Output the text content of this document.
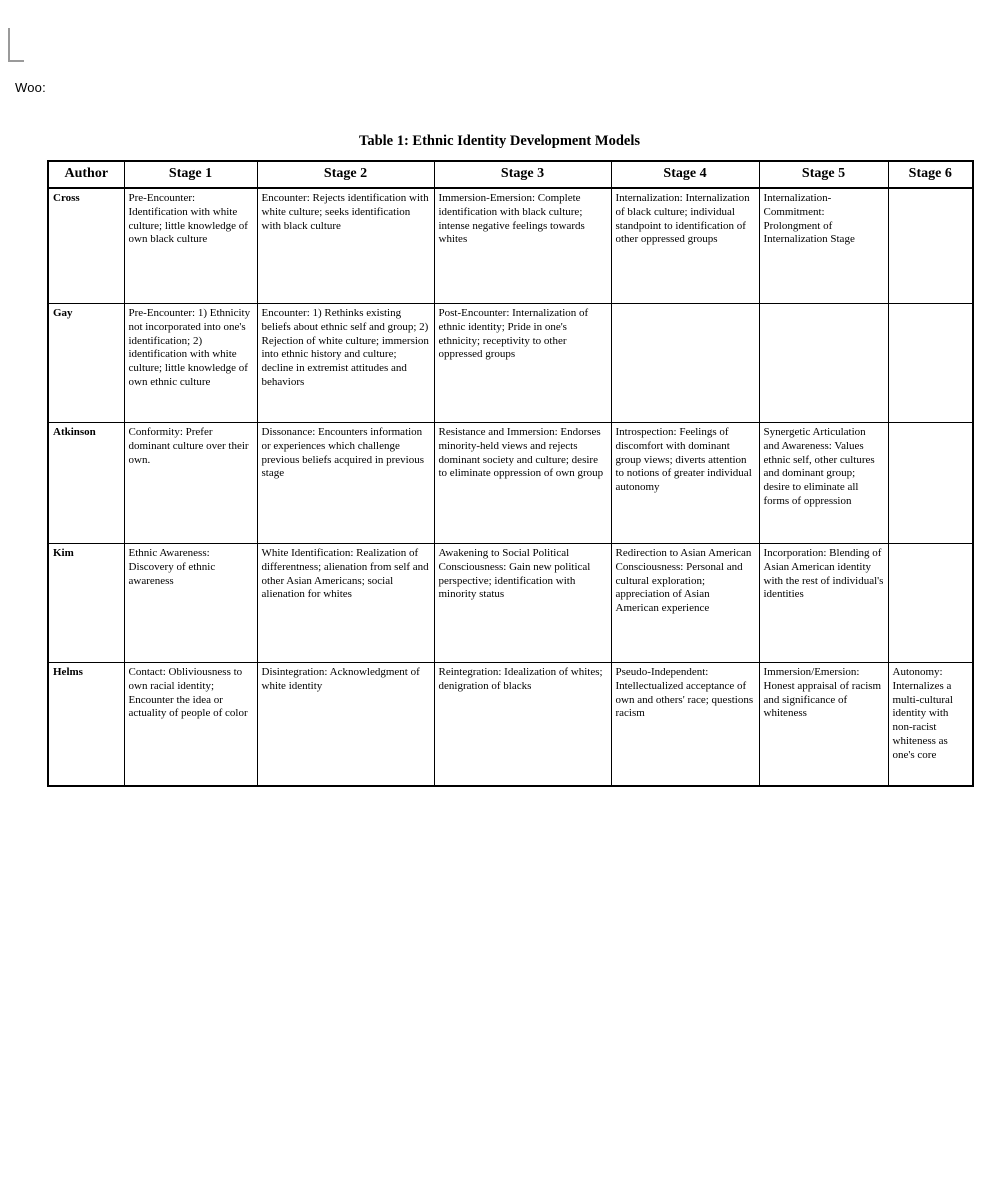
Woo:
Table 1: Ethnic Identity Development Models
Author	Stage 1	Stage 2	Stage 3	Stage 4	Stage 5	Stage 6
Cross	Pre-Encounter: Identification with white culture; little knowledge of own black culture	Encounter: Rejects identification with white culture; seeks identification with black culture	Immersion-Emersion: Complete identification with black culture; intense negative feelings towards whites	Internalization: Internalization of black culture; individual standpoint to identification of other oppressed groups	Internalization-Commitment: Prolongment of Internalization Stage	
Gay	Pre-Encounter: 1) Ethnicity not incorporated into one's identification; 2) identification with white culture; little knowledge of own ethnic culture	Encounter: 1) Rethinks existing beliefs about ethnic self and group; 2) Rejection of white culture; immersion into ethnic history and culture; decline in extremist attitudes and behaviors	Post-Encounter: Internalization of ethnic identity; Pride in one's ethnicity; receptivity to other oppressed groups			
Atkinson	Conformity: Prefer dominant culture over their own.	Dissonance: Encounters information or experiences which challenge previous beliefs acquired in previous stage	Resistance and Immersion: Endorses minority-held views and rejects dominant society and culture; desire to eliminate oppression of own group	Introspection: Feelings of discomfort with dominant group views; diverts attention to notions of greater individual autonomy	Synergetic Articulation and Awareness: Values ethnic self, other cultures and dominant group; desire to eliminate all forms of oppression	
Kim	Ethnic Awareness: Discovery of ethnic awareness	White Identification: Realization of differentness; alienation from self and other Asian Americans; social alienation for whites	Awakening to Social Political Consciousness: Gain new political perspective; identification with minority status	Redirection to Asian American Consciousness: Personal and cultural exploration; appreciation of Asian American experience	Incorporation: Blending of Asian American identity with the rest of individual's identities	
Helms	Contact: Obliviousness to own racial identity; Encounter the idea or actuality of people of color	Disintegration: Acknowledgment of white identity	Reintegration: Idealization of whites; denigration of blacks	Pseudo-Independent: Intellectualized acceptance of own and others' race; questions racism	Immersion/Emersion: Honest appraisal of racism and significance of whiteness	Autonomy: Internalizes a multi-cultural identity with non-racist whiteness as one's core
